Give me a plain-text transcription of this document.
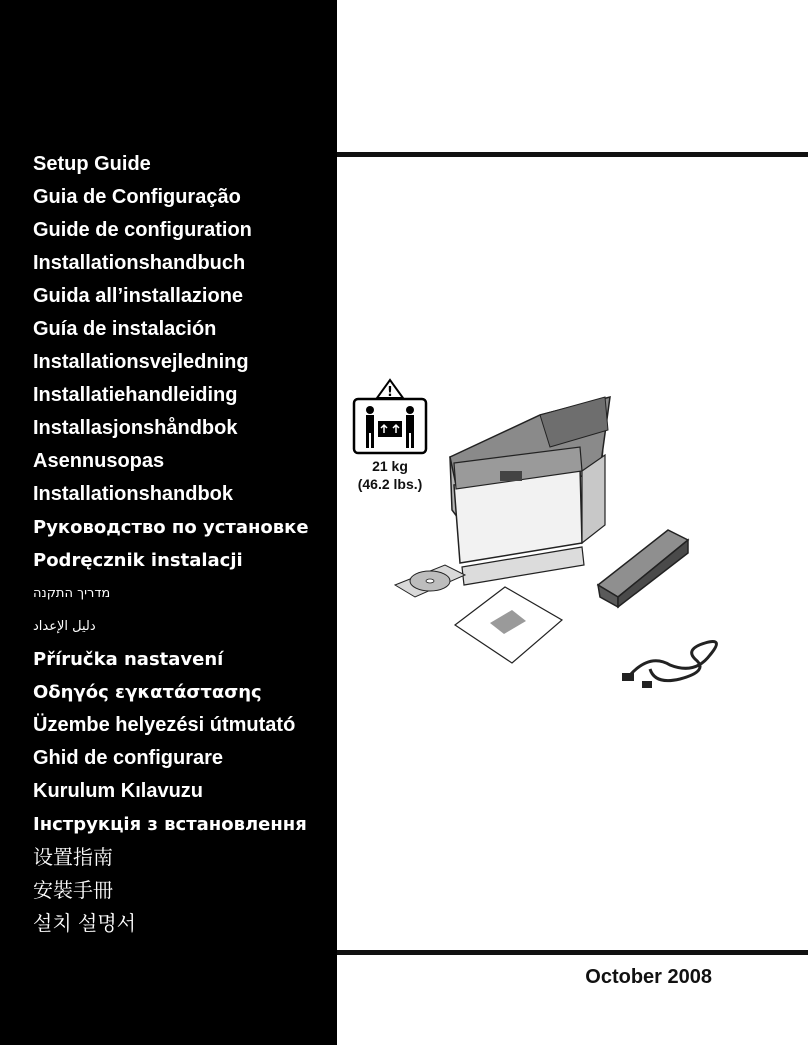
Setup Guide
Guia de Configuração
Guide de configuration
Installationshandbuch
Guida all’installazione
Guía de instalación
Installationsvejledning
Installatiehandleiding
Installasjonshåndbok
Asennusopas
Installationshandbok
Руководство по установке
Podręcznik instalacji
מדריך התקנה
دليل الإعداد
Příručka nastavení
Οδηγός εγκατάστασης
Üzembe helyezési útmutató
Ghid de configurare
Kurulum Kılavuzu
Інструкція з встановлення
设置指南
安裝手冊
설치 설명서
!
21 kg
(46.2 lbs.)
October 2008
